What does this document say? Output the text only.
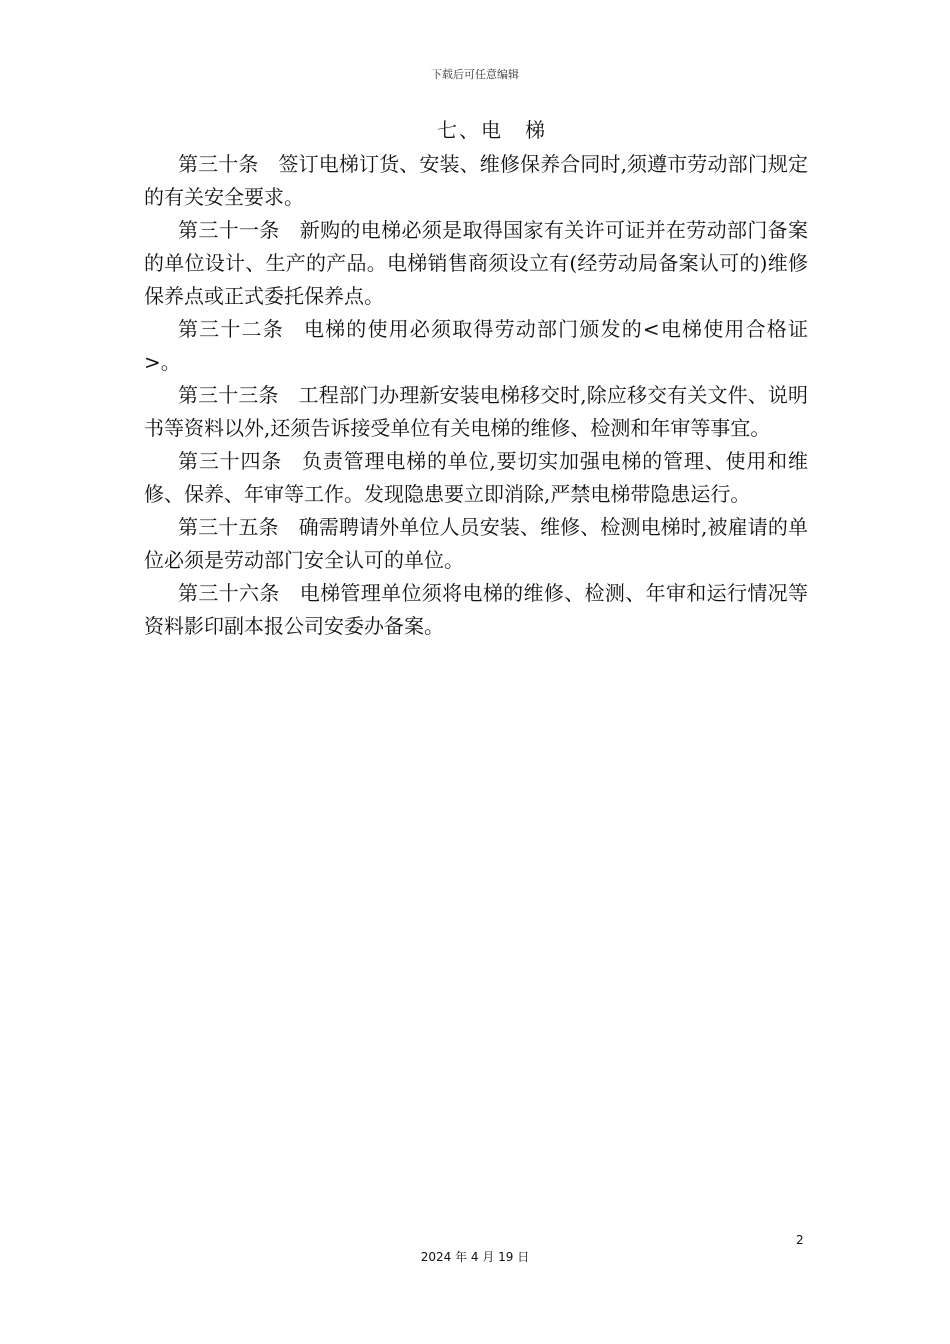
下载后可任意编辑
七、电　梯

第三十条 签订电梯订货、安装、维修保养合同时,须遵市劳动部门规定的有关安全要求。

第三十一条 新购的电梯必须是取得国家有关许可证并在劳动部门备案的单位设计、生产的产品。电梯销售商须设立有(经劳动局备案认可的)维修保养点或正式委托保养点。

第三十二条 电梯的使用必须取得劳动部门颁发的<电梯使用合格证>。

第三十三条 工程部门办理新安装电梯移交时,除应移交有关文件、说明书等资料以外,还须告诉接受单位有关电梯的维修、检测和年审等事宜。

第三十四条 负责管理电梯的单位,要切实加强电梯的管理、使用和维修、保养、年审等工作。发现隐患要立即消除,严禁电梯带隐患运行。

第三十五条 确需聘请外单位人员安装、维修、检测电梯时,被雇请的单位必须是劳动部门安全认可的单位。

第三十六条 电梯管理单位须将电梯的维修、检测、年审和运行情况等资料影印副本报公司安委办备案。

2
2024 年 4 月 19 日
